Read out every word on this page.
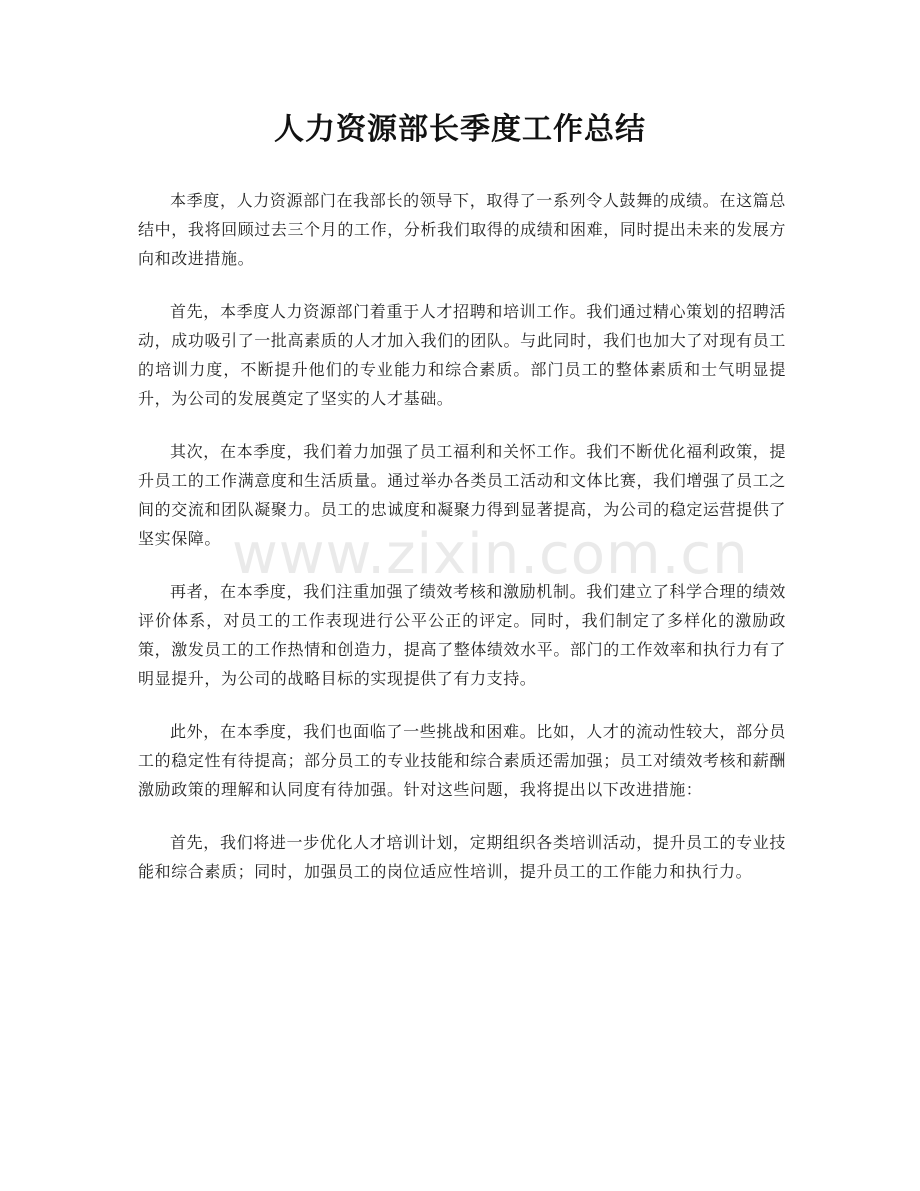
人力资源部长季度工作总结

本季度，人力资源部门在我部长的领导下，取得了一系列令人鼓舞的成绩。在这篇总结中，我将回顾过去三个月的工作，分析我们取得的成绩和困难，同时提出未来的发展方向和改进措施。

首先，本季度人力资源部门着重于人才招聘和培训工作。我们通过精心策划的招聘活动，成功吸引了一批高素质的人才加入我们的团队。与此同时，我们也加大了对现有员工的培训力度，不断提升他们的专业能力和综合素质。部门员工的整体素质和士气明显提升，为公司的发展奠定了坚实的人才基础。

其次，在本季度，我们着力加强了员工福利和关怀工作。我们不断优化福利政策，提升员工的工作满意度和生活质量。通过举办各类员工活动和文体比赛，我们增强了员工之间的交流和团队凝聚力。员工的忠诚度和凝聚力得到显著提高，为公司的稳定运营提供了坚实保障。

再者，在本季度，我们注重加强了绩效考核和激励机制。我们建立了科学合理的绩效评价体系，对员工的工作表现进行公平公正的评定。同时，我们制定了多样化的激励政策，激发员工的工作热情和创造力，提高了整体绩效水平。部门的工作效率和执行力有了明显提升，为公司的战略目标的实现提供了有力支持。

此外，在本季度，我们也面临了一些挑战和困难。比如，人才的流动性较大，部分员工的稳定性有待提高；部分员工的专业技能和综合素质还需加强；员工对绩效考核和薪酬激励政策的理解和认同度有待加强。针对这些问题，我将提出以下改进措施：

首先，我们将进一步优化人才培训计划，定期组织各类培训活动，提升员工的专业技能和综合素质；同时，加强员工的岗位适应性培训，提升员工的工作能力和执行力。

www.zixin.com.cn
